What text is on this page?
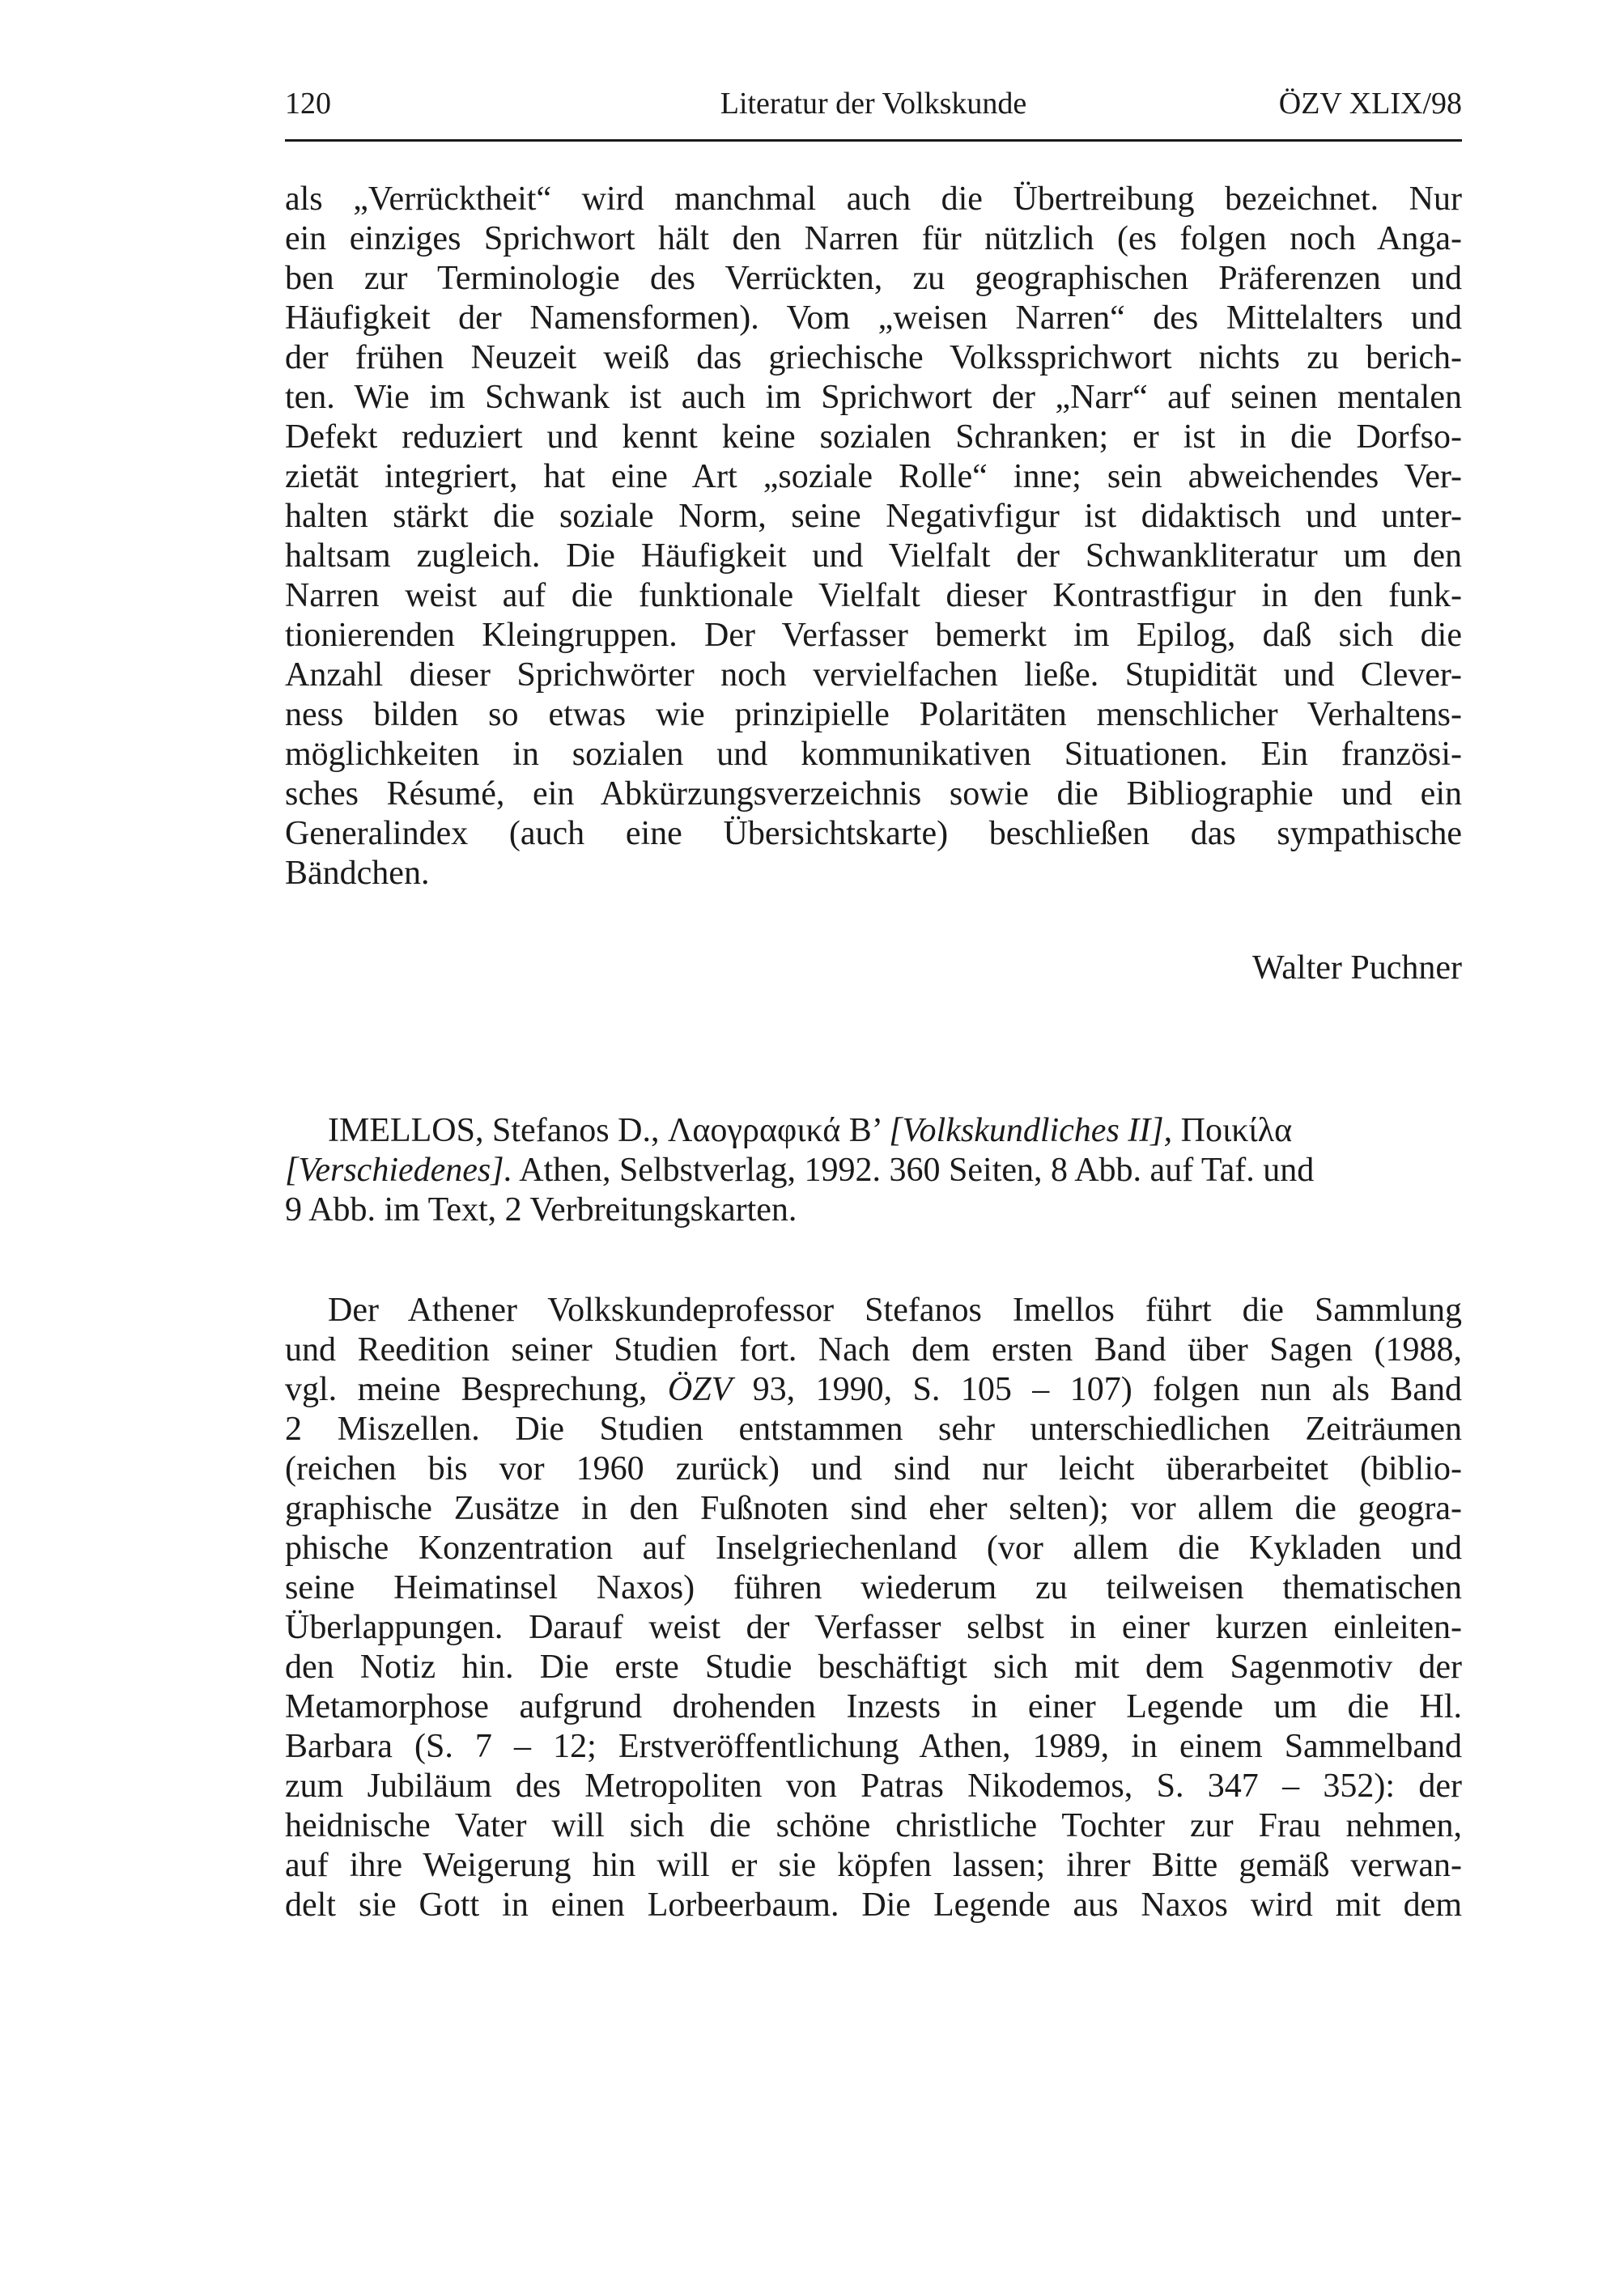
120	Literatur der Volkskunde	ÖZV XLIX/98
als „Verrücktheit“ wird manchmal auch die Übertreibung bezeichnet. Nur
ein einziges Sprichwort hält den Narren für nützlich (es folgen noch Anga-
ben zur Terminologie des Verrückten, zu geographischen Präferenzen und
Häufigkeit der Namensformen). Vom „weisen Narren“ des Mittelalters und
der frühen Neuzeit weiß das griechische Volkssprichwort nichts zu berich-
ten. Wie im Schwank ist auch im Sprichwort der „Narr“ auf seinen mentalen
Defekt reduziert und kennt keine sozialen Schranken; er ist in die Dorfso-
zietät integriert, hat eine Art „soziale Rolle“ inne; sein abweichendes Ver-
halten stärkt die soziale Norm, seine Negativfigur ist didaktisch und unter-
haltsam zugleich. Die Häufigkeit und Vielfalt der Schwankliteratur um den
Narren weist auf die funktionale Vielfalt dieser Kontrastfigur in den funk-
tionierenden Kleingruppen. Der Verfasser bemerkt im Epilog, daß sich die
Anzahl dieser Sprichwörter noch vervielfachen ließe. Stupidität und Clever-
ness bilden so etwas wie prinzipielle Polaritäten menschlicher Verhaltens-
möglichkeiten in sozialen und kommunikativen Situationen. Ein französi-
sches Résumé, ein Abkürzungsverzeichnis sowie die Bibliographie und ein
Generalindex (auch eine Übersichtskarte) beschließen das sympathische
Bändchen.
Walter Puchner
IMELLOS, Stefanos D., Λαογραφικά Β’ [Volkskundliches II], Ποικίλα
[Verschiedenes]. Athen, Selbstverlag, 1992. 360 Seiten, 8 Abb. auf Taf. und
9 Abb. im Text, 2 Verbreitungskarten.
Der Athener Volkskundeprofessor Stefanos Imellos führt die Sammlung
und Reedition seiner Studien fort. Nach dem ersten Band über Sagen (1988,
vgl. meine Besprechung, ÖZV 93, 1990, S. 105 – 107) folgen nun als Band
2 Miszellen. Die Studien entstammen sehr unterschiedlichen Zeiträumen
(reichen bis vor 1960 zurück) und sind nur leicht überarbeitet (biblio-
graphische Zusätze in den Fußnoten sind eher selten); vor allem die geogra-
phische Konzentration auf Inselgriechenland (vor allem die Kykladen und
seine Heimatinsel Naxos) führen wiederum zu teilweisen thematischen
Überlappungen. Darauf weist der Verfasser selbst in einer kurzen einleiten-
den Notiz hin. Die erste Studie beschäftigt sich mit dem Sagenmotiv der
Metamorphose aufgrund drohenden Inzests in einer Legende um die Hl.
Barbara (S. 7 – 12; Erstveröffentlichung Athen, 1989, in einem Sammelband
zum Jubiläum des Metropoliten von Patras Nikodemos, S. 347 – 352): der
heidnische Vater will sich die schöne christliche Tochter zur Frau nehmen,
auf ihre Weigerung hin will er sie köpfen lassen; ihrer Bitte gemäß verwan-
delt sie Gott in einen Lorbeerbaum. Die Legende aus Naxos wird mit dem
